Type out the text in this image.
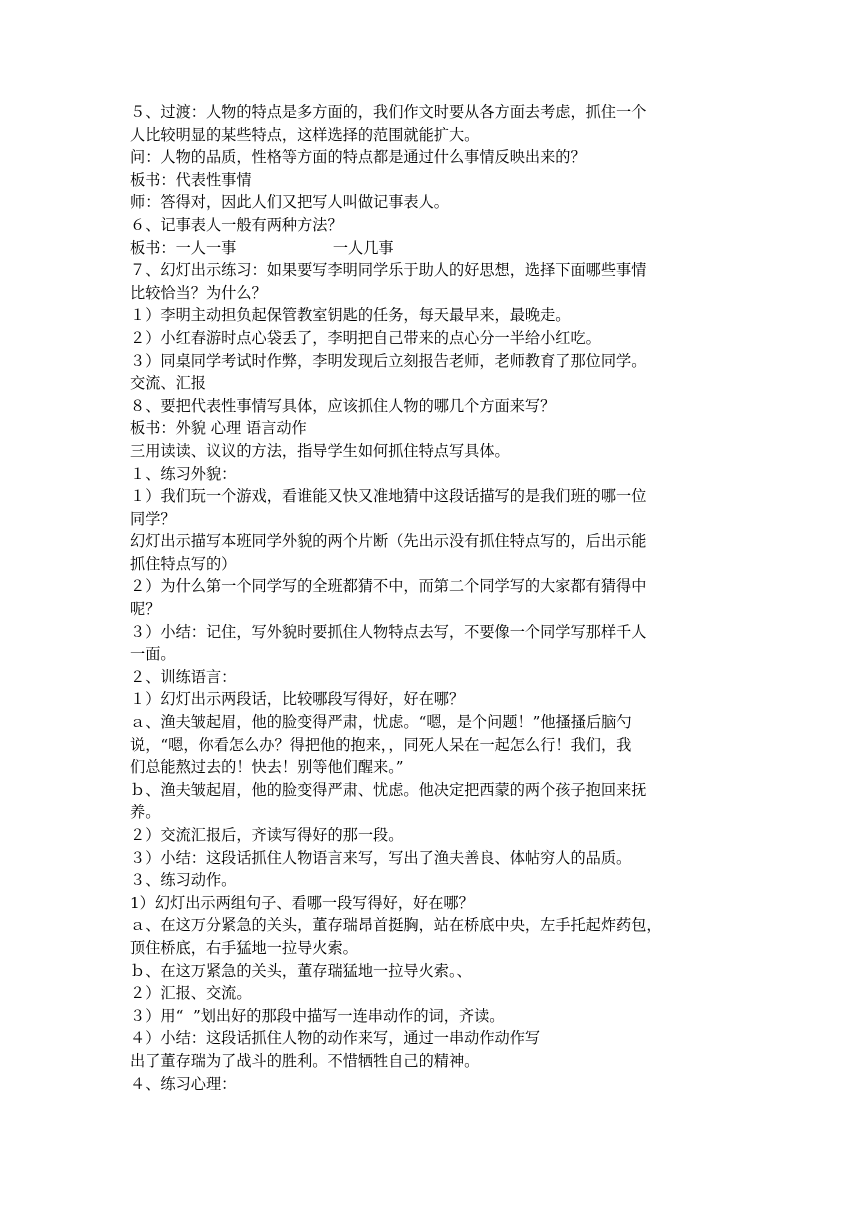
５、过渡：人物的特点是多方面的，我们作文时要从各方面去考虑，抓住一个
人比较明显的某些特点，这样选择的范围就能扩大。
问：人物的品质，性格等方面的特点都是通过什么事情反映出来的？
板书：代表性事情
师：答得对，因此人们又把写人叫做记事表人。
６、记事表人一般有两种方法？
板书：一人一事                    一人几事
７、幻灯出示练习：如果要写李明同学乐于助人的好思想，选择下面哪些事情
比较恰当？为什么？
１）李明主动担负起保管教室钥匙的任务，每天最早来，最晚走。
２）小红春游时点心袋丢了，李明把自己带来的点心分一半给小红吃。
３）同桌同学考试时作弊，李明发现后立刻报告老师，老师教育了那位同学。
交流、汇报
８、要把代表性事情写具体，应该抓住人物的哪几个方面来写？
板书：外貌 心理 语言动作
三用读读、议议的方法，指导学生如何抓住特点写具体。
１、练习外貌：
１）我们玩一个游戏，看谁能又快又准地猜中这段话描写的是我们班的哪一位
同学？
幻灯出示描写本班同学外貌的两个片断（先出示没有抓住特点写的，后出示能
抓住特点写的）
２）为什么第一个同学写的全班都猜不中，而第二个同学写的大家都有猜得中
呢？
３）小结：记住，写外貌时要抓住人物特点去写，不要像一个同学写那样千人
一面。
２、训练语言：
１）幻灯出示两段话，比较哪段写得好，好在哪？
ａ、渔夫皱起眉，他的脸变得严肃，忧虑。“嗯，是个问题！”他搔搔后脑勺
说，“嗯，你看怎么办？得把他的抱来，，同死人呆在一起怎么行！我们，我
们总能熬过去的！快去！别等他们醒来。”
ｂ、渔夫皱起眉，他的脸变得严肃、忧虑。他决定把西蒙的两个孩子抱回来抚
养。
２）交流汇报后，齐读写得好的那一段。
３）小结：这段话抓住人物语言来写，写出了渔夫善良、体帖穷人的品质。
３、练习动作。
1）幻灯出示两组句子、看哪一段写得好，好在哪？
ａ、在这万分紧急的关头，董存瑞昂首挺胸，站在桥底中央，左手托起炸药包，
顶住桥底，右手猛地一拉导火索。
ｂ、在这万紧急的关头，董存瑞猛地一拉导火索。、
２）汇报、交流。
３）用“  ”划出好的那段中描写一连串动作的词，齐读。
４）小结：这段话抓住人物的动作来写，通过一串动作动作写
出了董存瑞为了战斗的胜利。不惜牺牲自己的精神。
４、练习心理：
